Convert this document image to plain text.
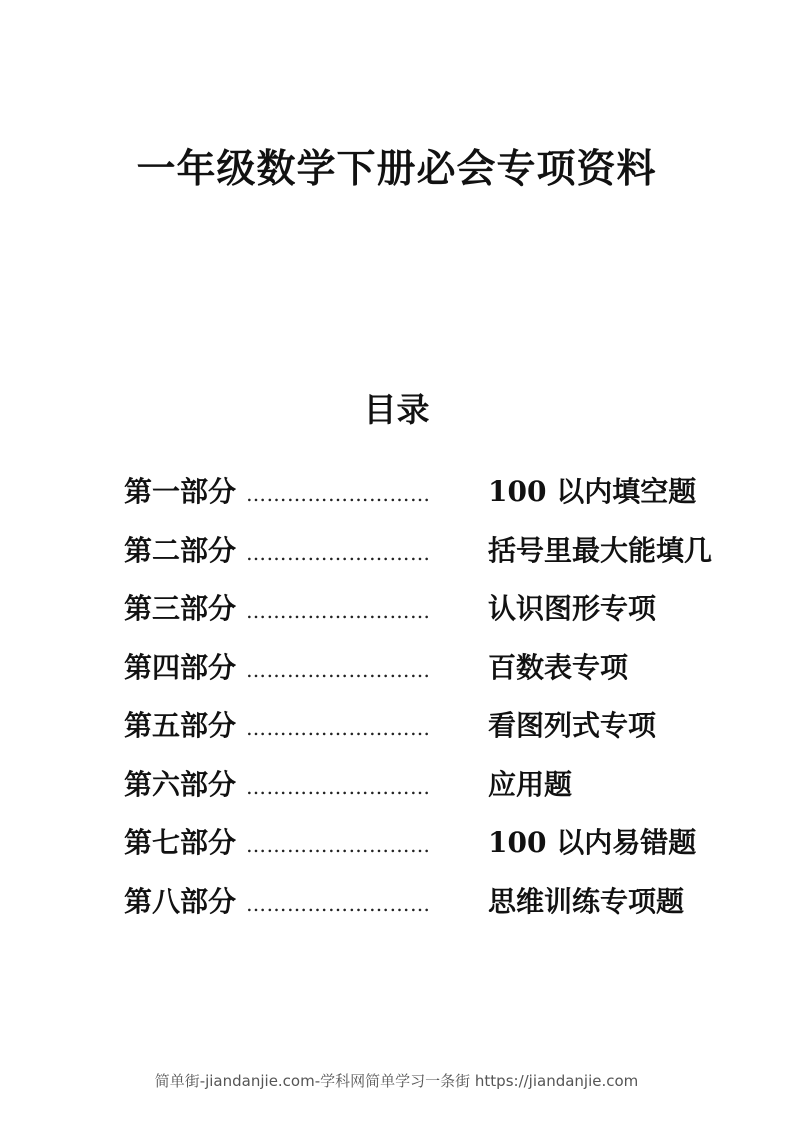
一年级数学下册必会专项资料
目录
第一部分 ………………………	100 以内填空题
第二部分 ………………………	括号里最大能填几
第三部分 ………………………	认识图形专项
第四部分 ………………………	百数表专项
第五部分 ………………………	看图列式专项
第六部分 ………………………	应用题
第七部分 ………………………	100 以内易错题
第八部分 ………………………	思维训练专项题

简单街-jiandanjie.com-学科网简单学习一条街 https://jiandanjie.com
